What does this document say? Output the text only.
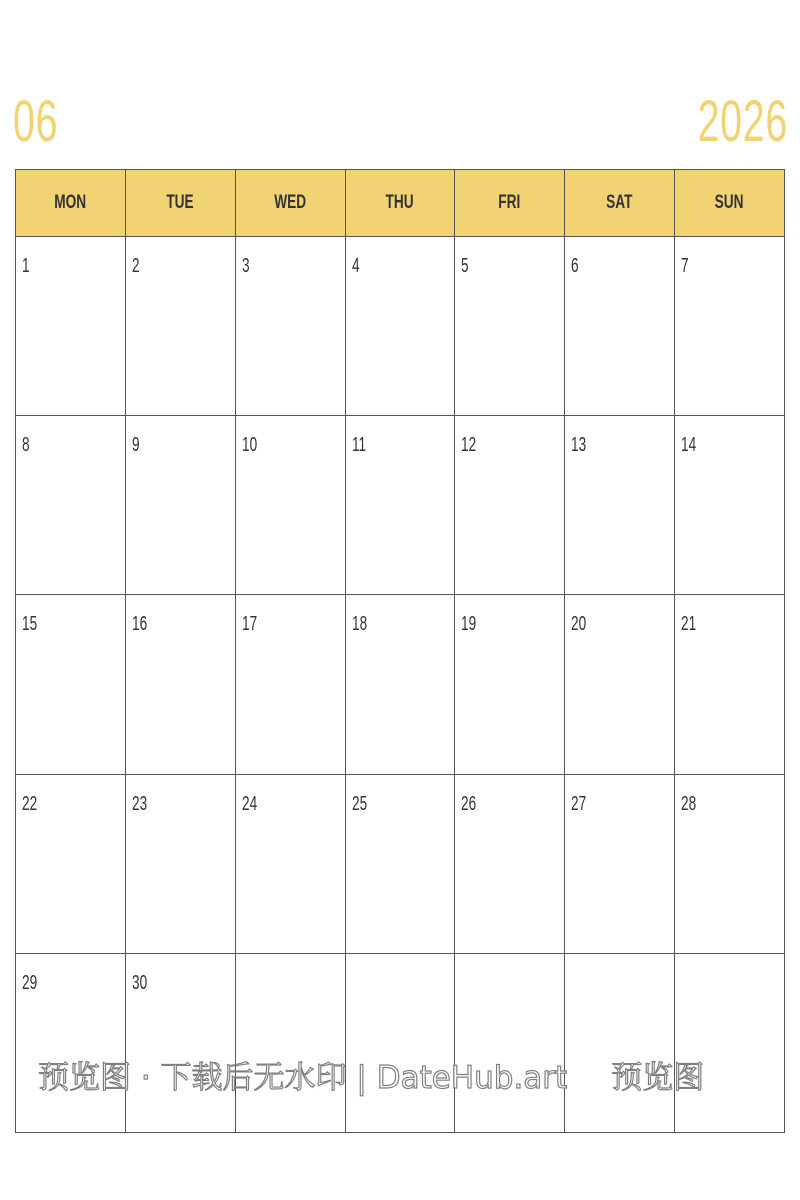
06	2026
MON	TUE	WED	THU	FRI	SAT	SUN

1	2	3	4	5	6	7

8	9	10	11	12	13	14

15	16	17	18	19	20	21

22	23	24	25	26	27	28

29	30					

预览图 · 下载后无水印 | DateHub.art 预览图
